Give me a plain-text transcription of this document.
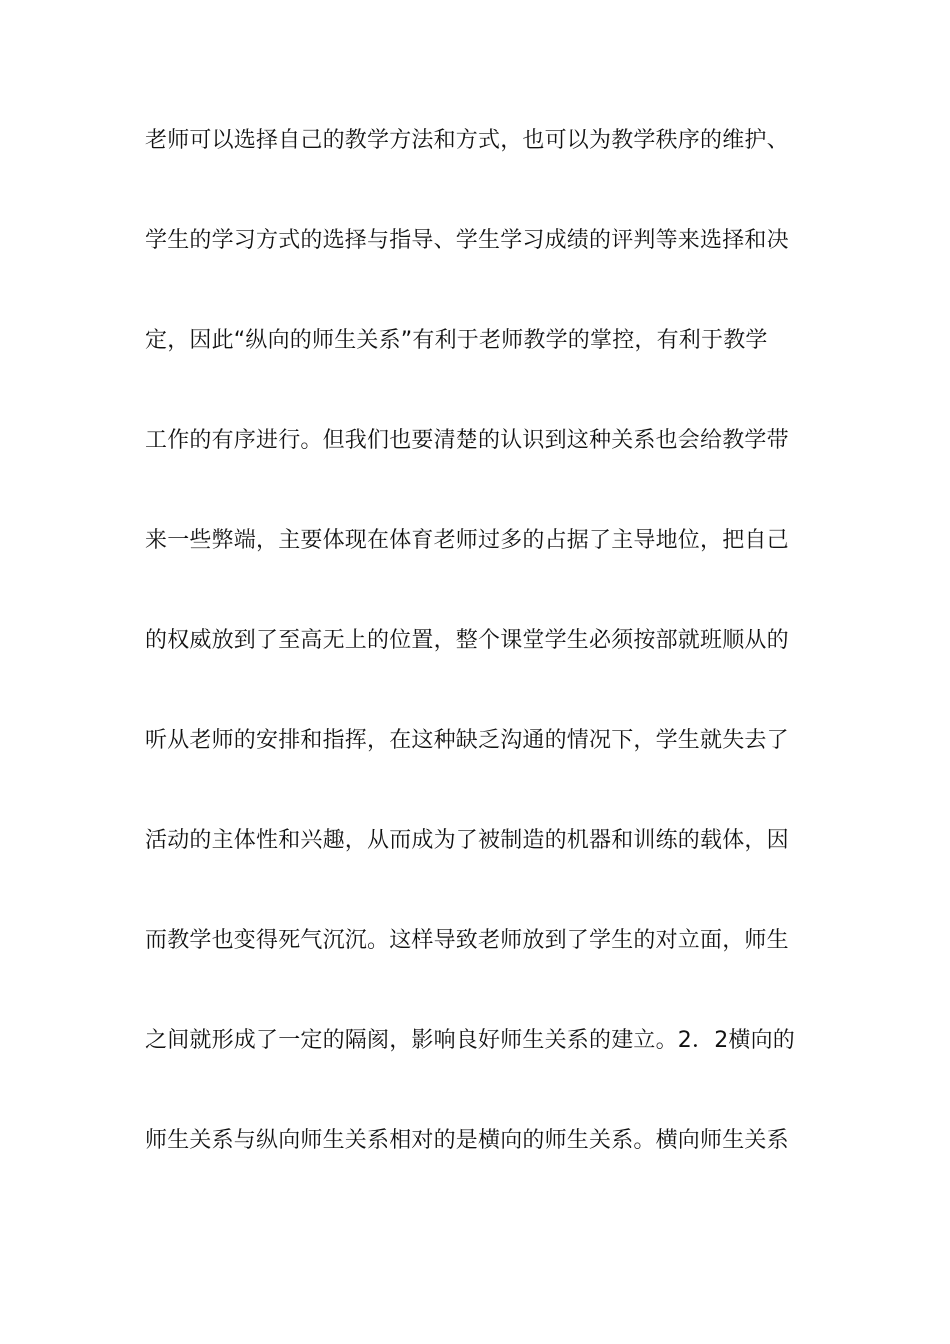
老师可以选择自己的教学方法和方式，也可以为教学秩序的维护、
学生的学习方式的选择与指导、学生学习成绩的评判等来选择和决
定，因此“纵向的师生关系”有利于老师教学的掌控，有利于教学
工作的有序进行。但我们也要清楚的认识到这种关系也会给教学带
来一些弊端，主要体现在体育老师过多的占据了主导地位，把自己
的权威放到了至高无上的位置，整个课堂学生必须按部就班顺从的
听从老师的安排和指挥，在这种缺乏沟通的情况下，学生就失去了
活动的主体性和兴趣，从而成为了被制造的机器和训练的载体，因
而教学也变得死气沉沉。这样导致老师放到了学生的对立面，师生
之间就形成了一定的隔阂，影响良好师生关系的建立。2．2横向的
师生关系与纵向师生关系相对的是横向的师生关系。横向师生关系
